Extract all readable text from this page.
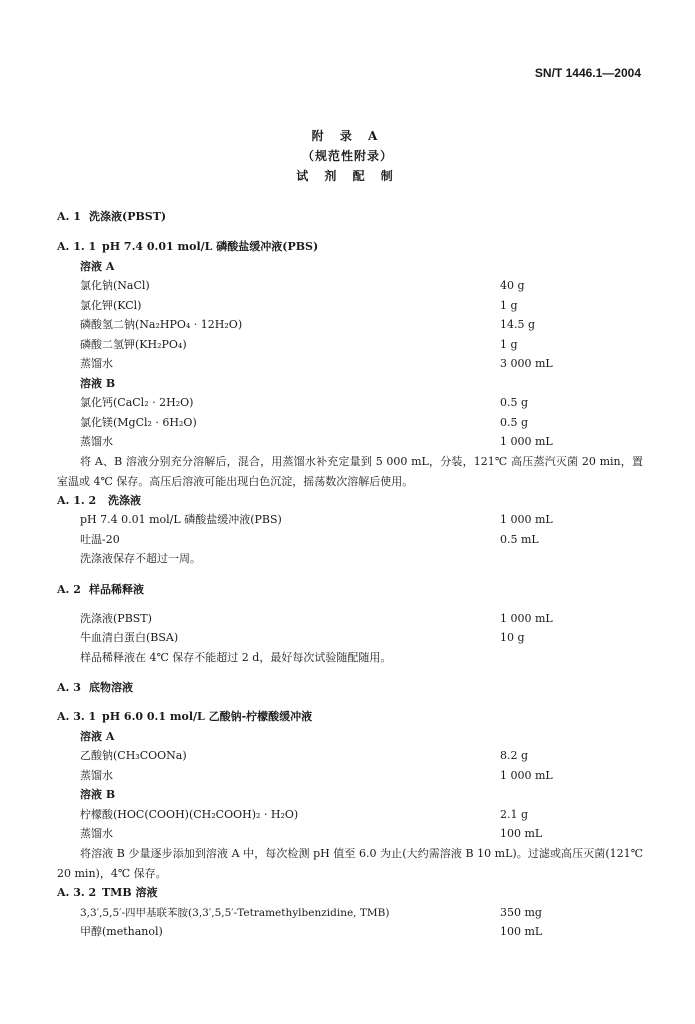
SN/T 1446.1—2004
附 录 A
（规范性附录）
试 剂 配 制
A. 1 洗涤液(PBST)
A. 1. 1 pH 7.4 0.01 mol/L 磷酸盐缓冲液(PBS)
溶液 A
氯化钠(NaCl)	40 g
氯化钾(KCl)	1 g
磷酸氢二钠(Na₂HPO₄ · 12H₂O)	14.5 g
磷酸二氢钾(KH₂PO₄)	1 g
蒸馏水	3 000 mL
溶液 B
氯化钙(CaCl₂ · 2H₂O)	0.5 g
氯化镁(MgCl₂ · 6H₂O)	0.5 g
蒸馏水	1 000 mL
将 A、B 溶液分别充分溶解后，混合，用蒸馏水补充定量到 5 000 mL，分装，121℃ 高压蒸汽灭菌 20 min，置室温或 4℃ 保存。高压后溶液可能出现白色沉淀，摇荡数次溶解后使用。
A. 1. 2 洗涤液
pH 7.4 0.01 mol/L 磷酸盐缓冲液(PBS)	1 000 mL
吐温-20	0.5 mL
洗涤液保存不超过一周。
A. 2 样品稀释液
洗涤液(PBST)	1 000 mL
牛血清白蛋白(BSA)	10 g
样品稀释液在 4℃ 保存不能超过 2 d，最好每次试验随配随用。
A. 3 底物溶液
A. 3. 1 pH 6.0 0.1 mol/L 乙酸钠-柠檬酸缓冲液
溶液 A
乙酸钠(CH₃COONa)	8.2 g
蒸馏水	1 000 mL
溶液 B
柠檬酸(HOC(COOH)(CH₂COOH)₂ · H₂O)	2.1 g
蒸馏水	100 mL
将溶液 B 少量逐步添加到溶液 A 中，每次检测 pH 值至 6.0 为止(大约需溶液 B 10 mL)。过滤或高压灭菌(121℃ 20 min)，4℃ 保存。
A. 3. 2 TMB 溶液
3,3′,5,5′-四甲基联苯胺(3,3′,5,5′-Tetramethylbenzidine, TMB)	350 mg
甲醇(methanol)	100 mL
